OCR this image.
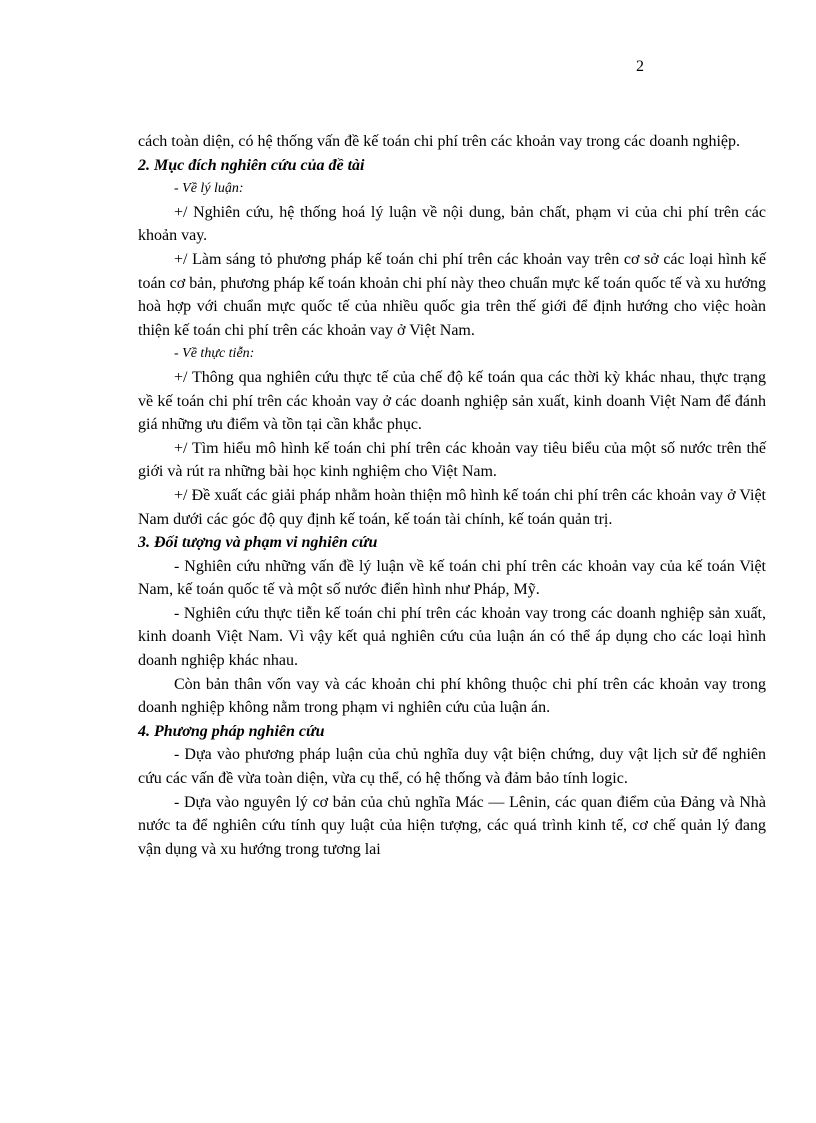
2

cách toàn diện, có hệ thống vấn đề kế toán chi phí trên các khoản vay trong các doanh nghiệp.

2. Mục đích nghiên cứu của đề tài

- Về lý luận:

+/ Nghiên cứu, hệ thống hoá lý luận về nội dung, bản chất, phạm vi của chi phí trên các khoản vay.

+/ Làm sáng tỏ phương pháp kế toán chi phí trên các khoản vay trên cơ sở các loại hình kế toán cơ bản, phương pháp kế toán khoản chi phí này theo chuẩn mực kế toán quốc tế và xu hướng hoà hợp với chuẩn mực quốc tế của nhiều quốc gia trên thế giới để định hướng cho việc hoàn thiện kế toán chi phí trên các khoản vay ở Việt Nam.

- Về thực tiễn:

+/ Thông qua nghiên cứu thực tế của chế độ kế toán qua các thời kỳ khác nhau, thực trạng về kế toán chi phí trên các khoản vay ở các doanh nghiệp sản xuất, kinh doanh Việt Nam để đánh giá những ưu điểm và tồn tại cần khắc phục.

+/ Tìm hiểu mô hình kế toán chi phí trên các khoản vay tiêu biểu của một số nước trên thế giới và rút ra những bài học kinh nghiệm cho Việt Nam.

+/ Đề xuất các giải pháp nhằm hoàn thiện mô hình kế toán chi phí trên các khoản vay ở Việt Nam dưới các góc độ quy định kế toán, kế toán tài chính, kế toán quản trị.

3. Đối tượng và phạm vi nghiên cứu

- Nghiên cứu những vấn đề lý luận về kế toán chi phí trên các khoản vay của kế toán Việt Nam, kế toán quốc tế và một số nước điển hình như Pháp, Mỹ.

- Nghiên cứu thực tiễn kế toán chi phí trên các khoản vay trong các doanh nghiệp sản xuất, kinh doanh Việt Nam. Vì vậy kết quả nghiên cứu của luận án có thể áp dụng cho các loại hình doanh nghiệp khác nhau.

Còn bản thân vốn vay và các khoản chi phí không thuộc chi phí trên các khoản vay trong doanh nghiệp không nằm trong phạm vi nghiên cứu của luận án.

4. Phương pháp nghiên cứu

- Dựa vào phương pháp luận của chủ nghĩa duy vật biện chứng, duy vật lịch sử để nghiên cứu các vấn đề vừa toàn diện, vừa cụ thể, có hệ thống và đảm bảo tính logic.

- Dựa vào nguyên lý cơ bản của chủ nghĩa Mác — Lênin, các quan điểm của Đảng và Nhà nước ta để nghiên cứu tính quy luật của hiện tượng, các quá trình kinh tế, cơ chế quản lý đang vận dụng và xu hướng trong tương lai
